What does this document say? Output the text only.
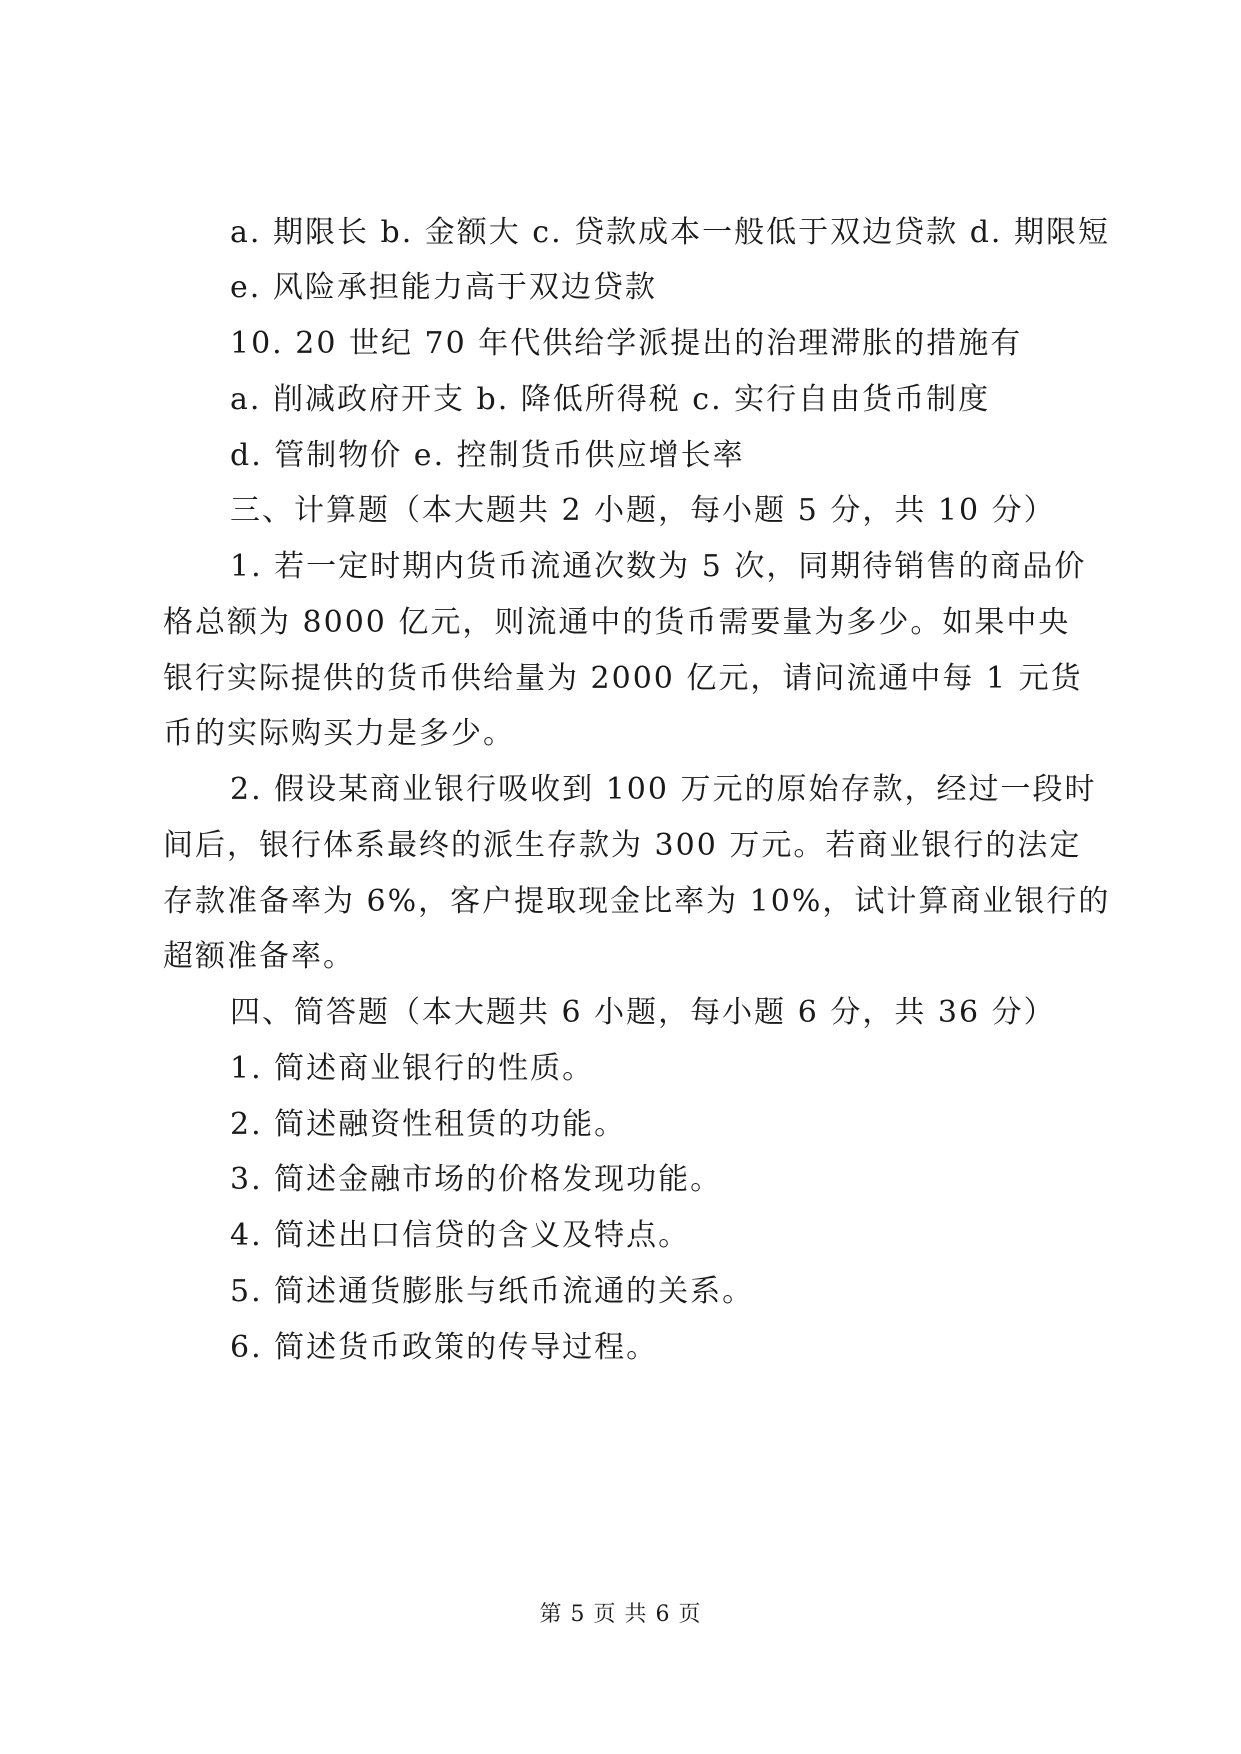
a. 期限长 b. 金额大 c. 贷款成本一般低于双边贷款 d. 期限短
e. 风险承担能力高于双边贷款
10. 20 世纪 70 年代供给学派提出的治理滞胀的措施有
a. 削减政府开支 b. 降低所得税 c. 实行自由货币制度
d. 管制物价 e. 控制货币供应增长率
三、计算题（本大题共 2 小题，每小题 5 分，共 10 分）
1. 若一定时期内货币流通次数为 5 次，同期待销售的商品价
格总额为 8000 亿元，则流通中的货币需要量为多少。如果中央
银行实际提供的货币供给量为 2000 亿元，请问流通中每 1 元货
币的实际购买力是多少。
2. 假设某商业银行吸收到 100 万元的原始存款，经过一段时
间后，银行体系最终的派生存款为 300 万元。若商业银行的法定
存款准备率为 6%，客户提取现金比率为 10%，试计算商业银行的
超额准备率。
四、简答题（本大题共 6 小题，每小题 6 分，共 36 分）
1. 简述商业银行的性质。
2. 简述融资性租赁的功能。
3. 简述金融市场的价格发现功能。
4. 简述出口信贷的含义及特点。
5. 简述通货膨胀与纸币流通的关系。
6. 简述货币政策的传导过程。
第 5 页 共 6 页
